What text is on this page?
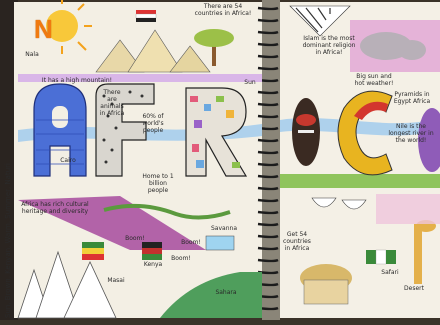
N
Nala
There are 54 countries in Africa!
It has a high mountain!
There are animals in Africa
Islam is the most dominant religion in Africa!
60% of world's people
Sun
Big sun and hot weather!
Cairo
Home to 1 billion people
Pyramids in Egypt Africa
Nile is the longest river in the world!
Africa has rich cultural heritage and diversity
Get 54 countries in Africa
Masai
Boom!
Boom!
Boom!
Savanna
Kenya
Sahara
Safari
Desert
Sun, Brown, Kenyan, Warm, Summer, Naturi
